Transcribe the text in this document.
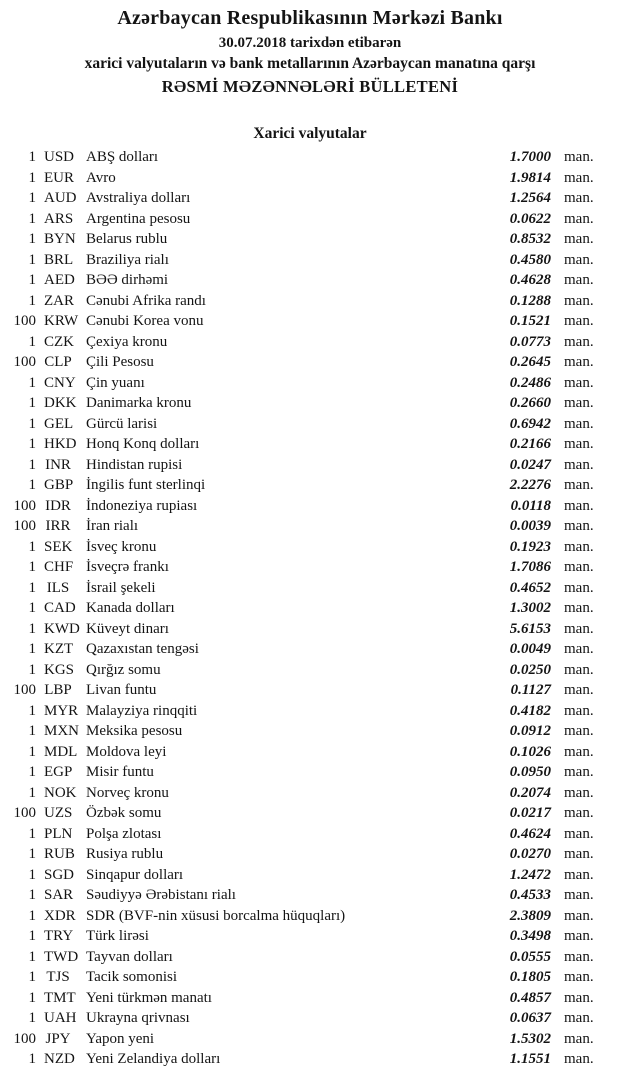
Azərbaycan Respublikasının Mərkəzi Bankı
30.07.2018 tarixdən etibarən
xarici valyutaların və bank metallarının Azərbaycan manatına qarşı
RƏSMİ MƏZƏNNƏLƏRİ BÜLLETENİ
Xarici valyutalar
1 USD ABŞ dolları	1.7000 man.
1 EUR Avro	1.9814 man.
1 AUD Avstraliya dolları	1.2564 man.
1 ARS Argentina pesosu	0.0622 man.
1 BYN Belarus rublu	0.8532 man.
1 BRL Braziliya rialı	0.4580 man.
1 AED BƏƏ dirhəmi	0.4628 man.
1 ZAR Cənubi Afrika randı	0.1288 man.
100 KRW Cənubi Korea vonu	0.1521 man.
1 CZK Çexiya kronu	0.0773 man.
100 CLP Çili Pesosu	0.2645 man.
1 CNY Çin yuanı	0.2486 man.
1 DKK Danimarka kronu	0.2660 man.
1 GEL Gürcü larisi	0.6942 man.
1 HKD Honq Konq dolları	0.2166 man.
1 INR Hindistan rupisi	0.0247 man.
1 GBP İngilis funt sterlinqi	2.2276 man.
100 IDR İndoneziya rupiası	0.0118 man.
100 IRR İran rialı	0.0039 man.
1 SEK İsveç kronu	0.1923 man.
1 CHF İsveçrə frankı	1.7086 man.
1 ILS İsrail şekeli	0.4652 man.
1 CAD Kanada dolları	1.3002 man.
1 KWD Küveyt dinarı	5.6153 man.
1 KZT Qazaxıstan tengəsi	0.0049 man.
1 KGS Qırğız somu	0.0250 man.
100 LBP Livan funtu	0.1127 man.
1 MYR Malayziya rinqqiti	0.4182 man.
1 MXN Meksika pesosu	0.0912 man.
1 MDL Moldova leyi	0.1026 man.
1 EGP Misir funtu	0.0950 man.
1 NOK Norveç kronu	0.2074 man.
100 UZS Özbək somu	0.0217 man.
1 PLN Polşa zlotası	0.4624 man.
1 RUB Rusiya rublu	0.0270 man.
1 SGD Sinqapur dolları	1.2472 man.
1 SAR Səudiyyə Ərəbistanı rialı	0.4533 man.
1 XDR SDR (BVF-nin xüsusi borcalma hüquqları)	2.3809 man.
1 TRY Türk lirəsi	0.3498 man.
1 TWD Tayvan dolları	0.0555 man.
1 TJS Tacik somonisi	0.1805 man.
1 TMT Yeni türkmən manatı	0.4857 man.
1 UAH Ukrayna qrivnası	0.0637 man.
100 JPY Yapon yeni	1.5302 man.
1 NZD Yeni Zelandiya dolları	1.1551 man.
